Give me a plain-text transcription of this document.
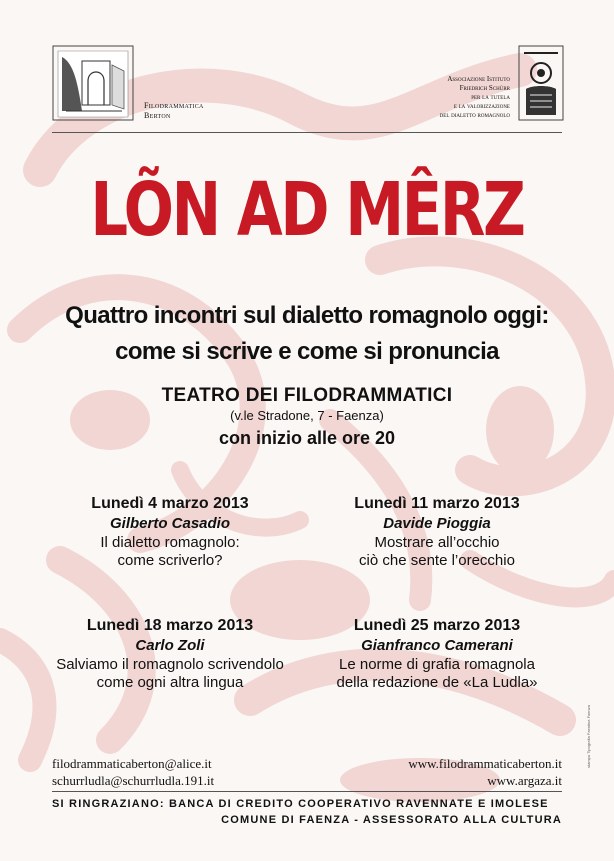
Filodrammatica
Berton
Associazione Istituto
Friedrich Schürr
per la tutela
e la valorizzazione
del dialetto romagnolo
LÕN AD MÊRZ
Quattro incontri sul dialetto romagnolo oggi:
come si scrive e come si pronuncia
TEATRO DEI FILODRAMMATICI
(v.le Stradone, 7 - Faenza)
con inizio alle ore 20
Lunedì 4 marzo 2013
Gilberto Casadio
Il dialetto romagnolo:
come scriverlo?
Lunedì 11 marzo 2013
Davide Pioggia
Mostrare all’occhio
ciò che sente l’orecchio
Lunedì 18 marzo 2013
Carlo Zoli
Salviamo il romagnolo scrivendolo
come ogni altra lingua
Lunedì 25 marzo 2013
Gianfranco Camerani
Le norme di grafia romagnola
della redazione de «La Ludla»
filodrammaticaberton@alice.it
schurrludla@schurrludla.191.it
www.filodrammaticaberton.it
www.argaza.it
SI RINGRAZIANO: BANCA DI CREDITO COOPERATIVO RAVENNATE E IMOLESE
COMUNE DI FAENZA - ASSESSORATO ALLA CULTURA
stampa Tipografia Faentina Faenza
